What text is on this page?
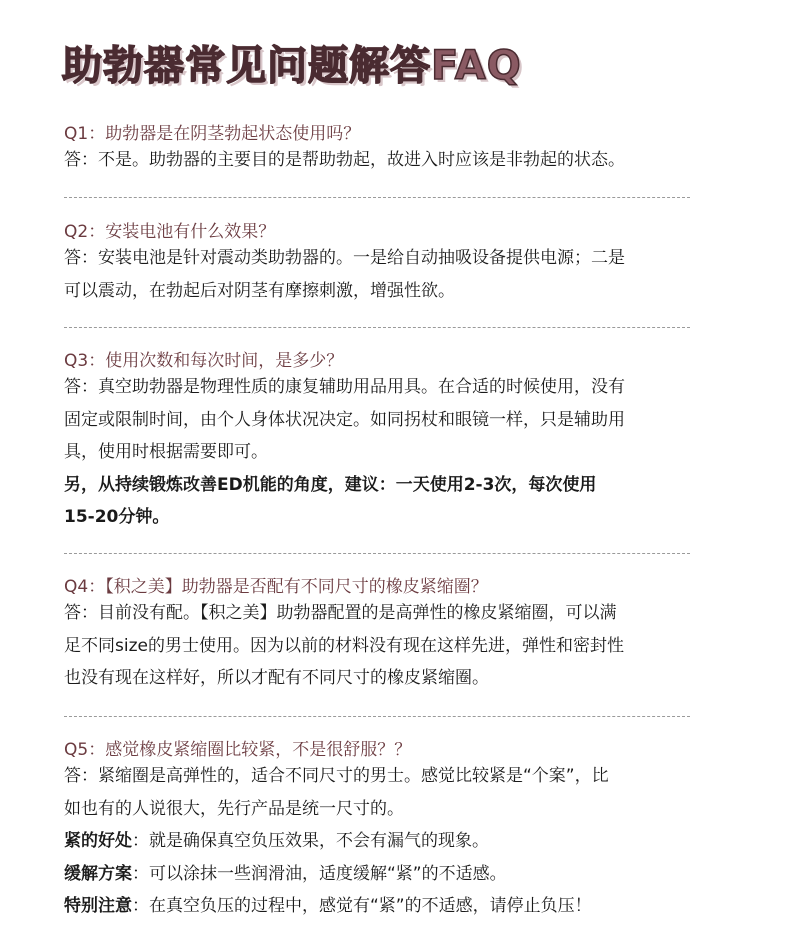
助勃器常见问题解答FAQ
Q1：助勃器是在阴茎勃起状态使用吗？

答：不是。助勃器的主要目的是帮助勃起，故进入时应该是非勃起的状态。

Q2：安装电池有什么效果？

答：安装电池是针对震动类助勃器的。一是给自动抽吸设备提供电源；二是

可以震动，在勃起后对阴茎有摩擦刺激，增强性欲。

Q3：使用次数和每次时间，是多少？

答：真空助勃器是物理性质的康复辅助用品用具。在合适的时候使用，没有

固定或限制时间，由个人身体状况决定。如同拐杖和眼镜一样，只是辅助用

具，使用时根据需要即可。

另，从持续锻炼改善ED机能的角度，建议：一天使用2-3次，每次使用

15-20分钟。

Q4：【积之美】助勃器是否配有不同尺寸的橡皮紧缩圈？

答：目前没有配。【积之美】助勃器配置的是高弹性的橡皮紧缩圈，可以满

足不同size的男士使用。因为以前的材料没有现在这样先进，弹性和密封性

也没有现在这样好，所以才配有不同尺寸的橡皮紧缩圈。

Q5：感觉橡皮紧缩圈比较紧，不是很舒服？？

答：紧缩圈是高弹性的，适合不同尺寸的男士。感觉比较紧是“个案”，比

如也有的人说很大，先行产品是统一尺寸的。

紧的好处：就是确保真空负压效果，不会有漏气的现象。

缓解方案：可以涂抹一些润滑油，适度缓解“紧”的不适感。

特别注意：在真空负压的过程中，感觉有“紧”的不适感，请停止负压！
